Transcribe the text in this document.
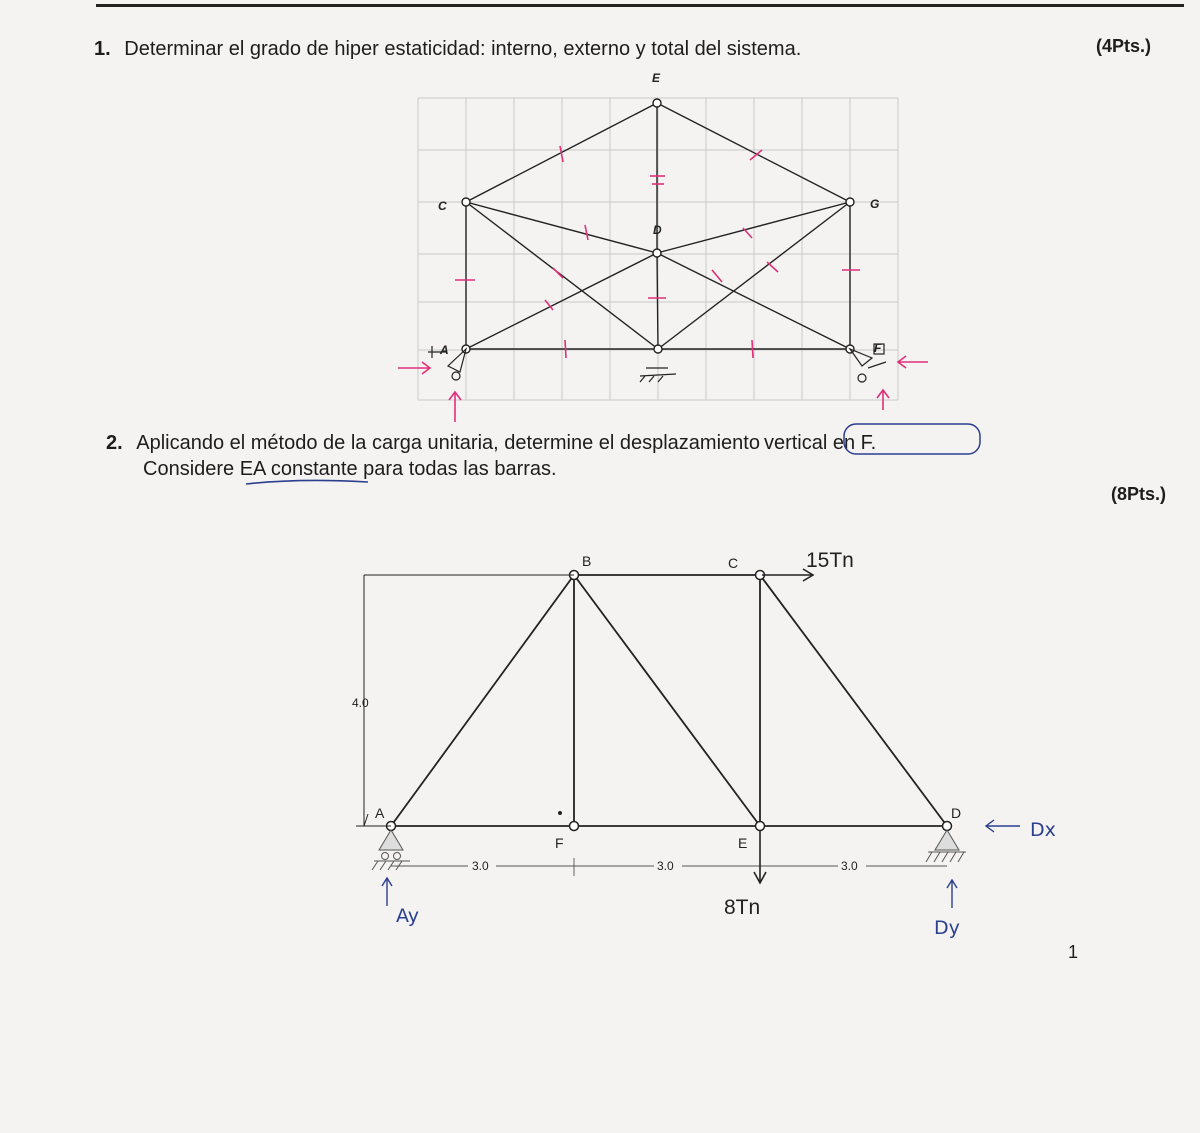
1. Determinar el grado de hiper estaticidad: interno, externo y total del sistema.	(4Pts.)
2. Aplicando el método de la carga unitaria, determine el desplazamiento vertical en F.
Considere EA constante para todas las barras.
(8Pts.)
1
E
C	G
D
A	F
4.0
3.0	3.0	3.0
15Tn
8Tn
A
B	C
D
F	E
Ay
Dy
Dx
